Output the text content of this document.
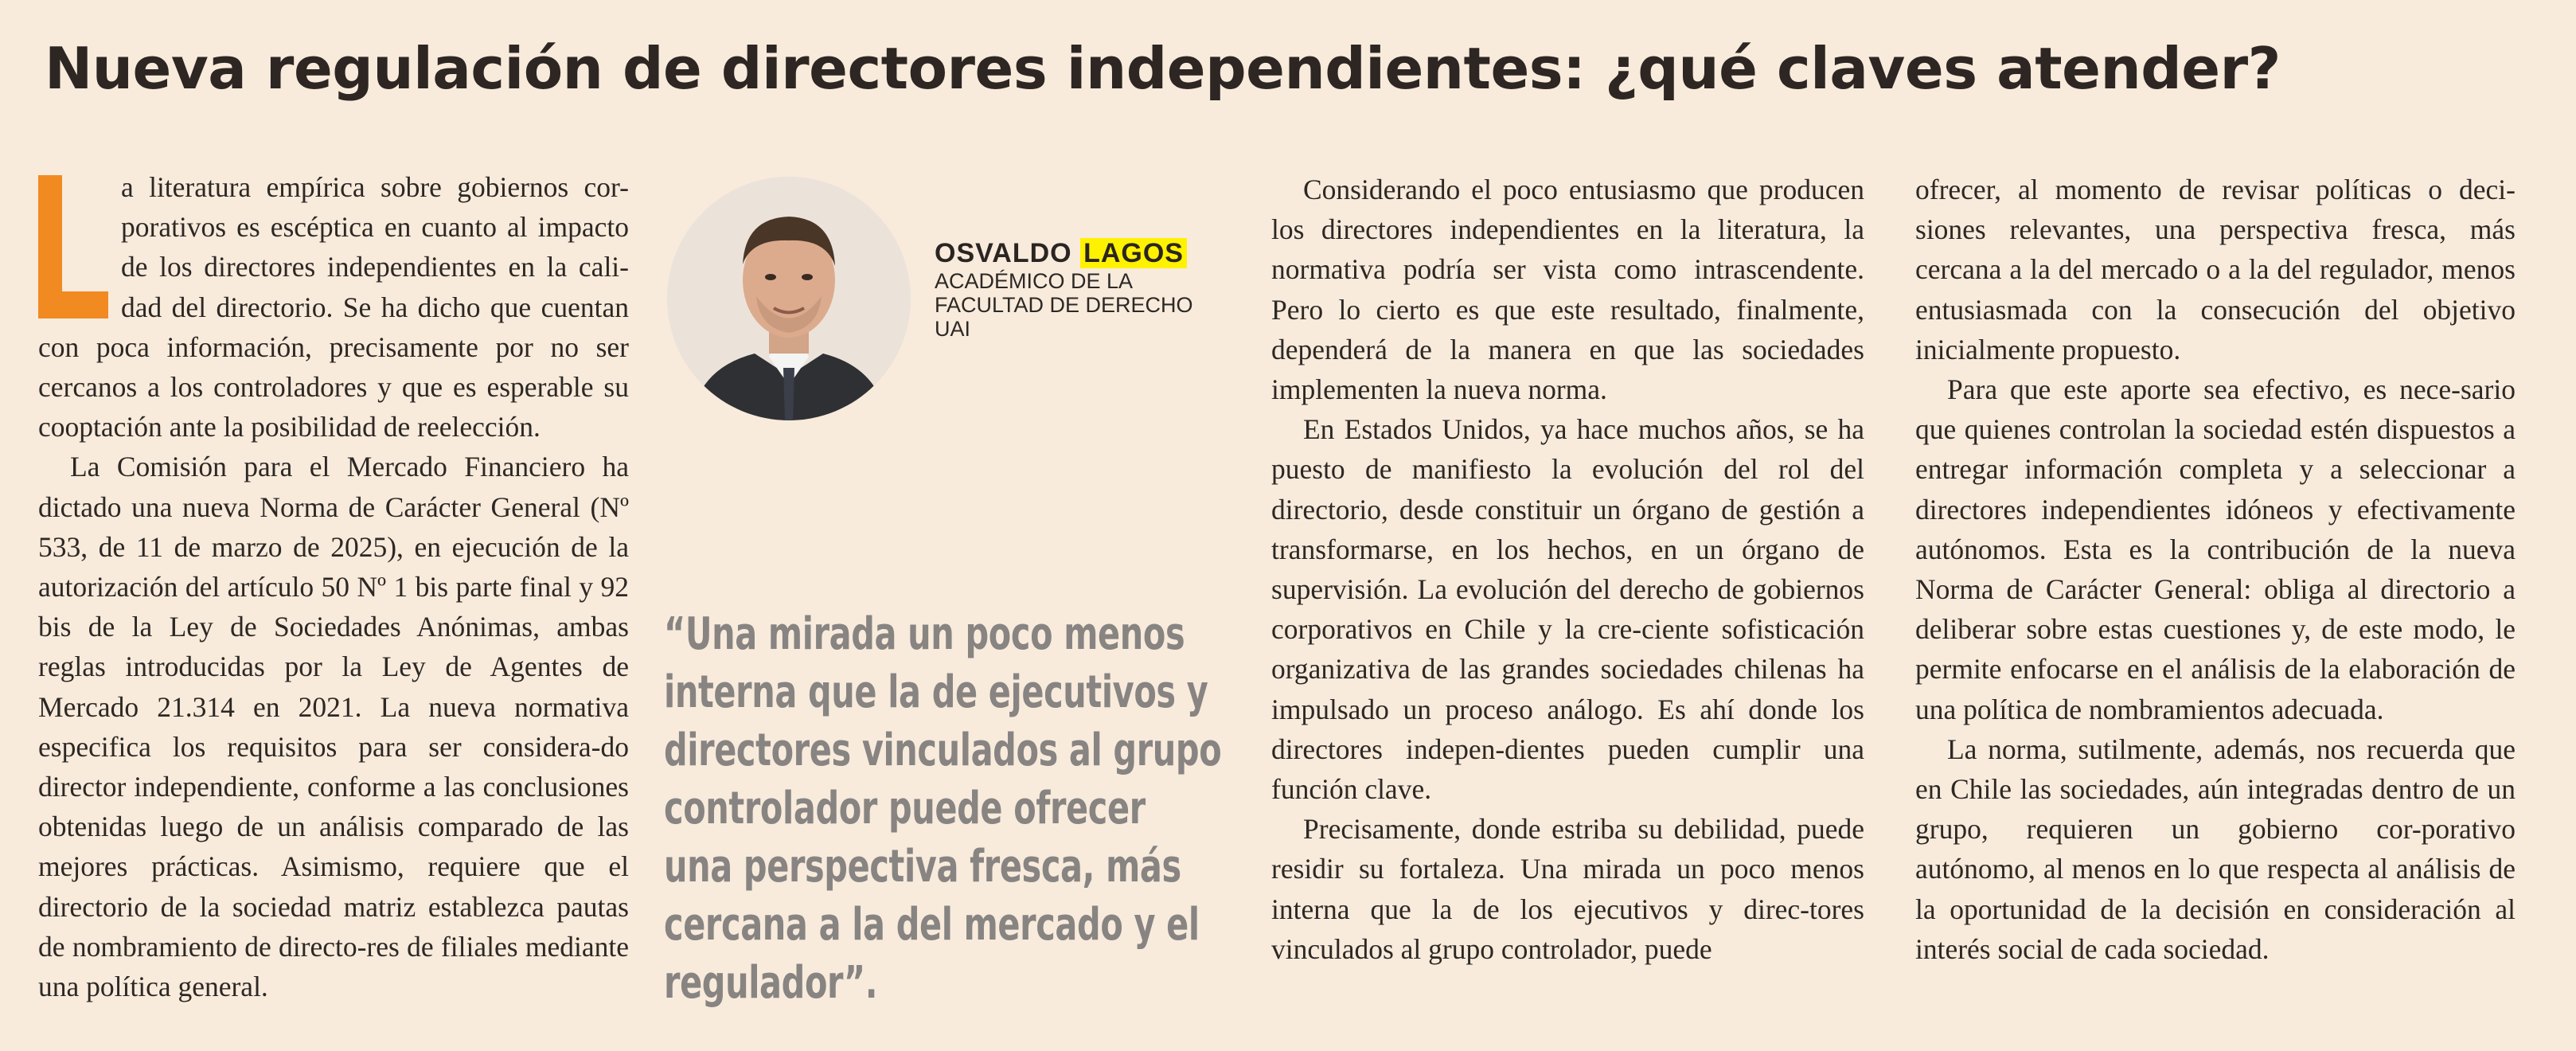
Nueva regulación de directores independientes: ¿qué claves atender?
a literatura empírica sobre gobiernos cor-
porativos es escéptica en cuanto al impacto
de los directores independientes en la cali-
dad del directorio. Se ha dicho que cuentan

con poca información, precisamente por no ser cercanos a los controladores y que es esperable su cooptación ante la posibilidad de reelección.

La Comisión para el Mercado Financiero ha dictado una nueva Norma de Carácter General (Nº 533, de 11 de marzo de 2025), en ejecución de la autorización del artículo 50 Nº 1 bis parte final y 92 bis de la Ley de Sociedades Anónimas, ambas reglas introducidas por la Ley de Agentes de Mercado 21.314 en 2021. La nueva normativa especifica los requisitos para ser considera-do director independiente, conforme a las conclusiones obtenidas luego de un análisis comparado de las mejores prácticas. Asimismo, requiere que el directorio de la sociedad matriz establezca pautas de nombramiento de directo-res de filiales mediante una política general.

OSVALDO LAGOS
ACADÉMICO DE LA
FACULTAD DE DERECHO
UAI
“Una mirada un poco menos interna que la de ejecutivos y directores vinculados al grupo controlador puede ofrecer una perspectiva fresca, más cercana a la del mercado y el regulador”.

Considerando el poco entusiasmo que producen los directores independientes en la literatura, la normativa podría ser vista como intrascendente. Pero lo cierto es que este resultado, finalmente, dependerá de la manera en que las sociedades implementen la nueva norma.

En Estados Unidos, ya hace muchos años, se ha puesto de manifiesto la evolución del rol del directorio, desde constituir un órgano de gestión a transformarse, en los hechos, en un órgano de supervisión. La evolución del derecho de gobiernos corporativos en Chile y la cre-ciente sofisticación organizativa de las grandes sociedades chilenas ha impulsado un proceso análogo. Es ahí donde los directores indepen-dientes pueden cumplir una función clave.

Precisamente, donde estriba su debilidad, puede residir su fortaleza. Una mirada un poco menos interna que la de los ejecutivos y direc-tores vinculados al grupo controlador, puede

ofrecer, al momento de revisar políticas o deci-siones relevantes, una perspectiva fresca, más cercana a la del mercado o a la del regulador, menos entusiasmada con la consecución del objetivo inicialmente propuesto.

Para que este aporte sea efectivo, es nece-sario que quienes controlan la sociedad estén dispuestos a entregar información completa y a seleccionar a directores independientes idóneos y efectivamente autónomos. Esta es la contribución de la nueva Norma de Carácter General: obliga al directorio a deliberar sobre estas cuestiones y, de este modo, le permite enfocarse en el análisis de la elaboración de una política de nombramientos adecuada.

La norma, sutilmente, además, nos recuerda que en Chile las sociedades, aún integradas dentro de un grupo, requieren un gobierno cor-porativo autónomo, al menos en lo que respecta al análisis de la oportunidad de la decisión en consideración al interés social de cada sociedad.
